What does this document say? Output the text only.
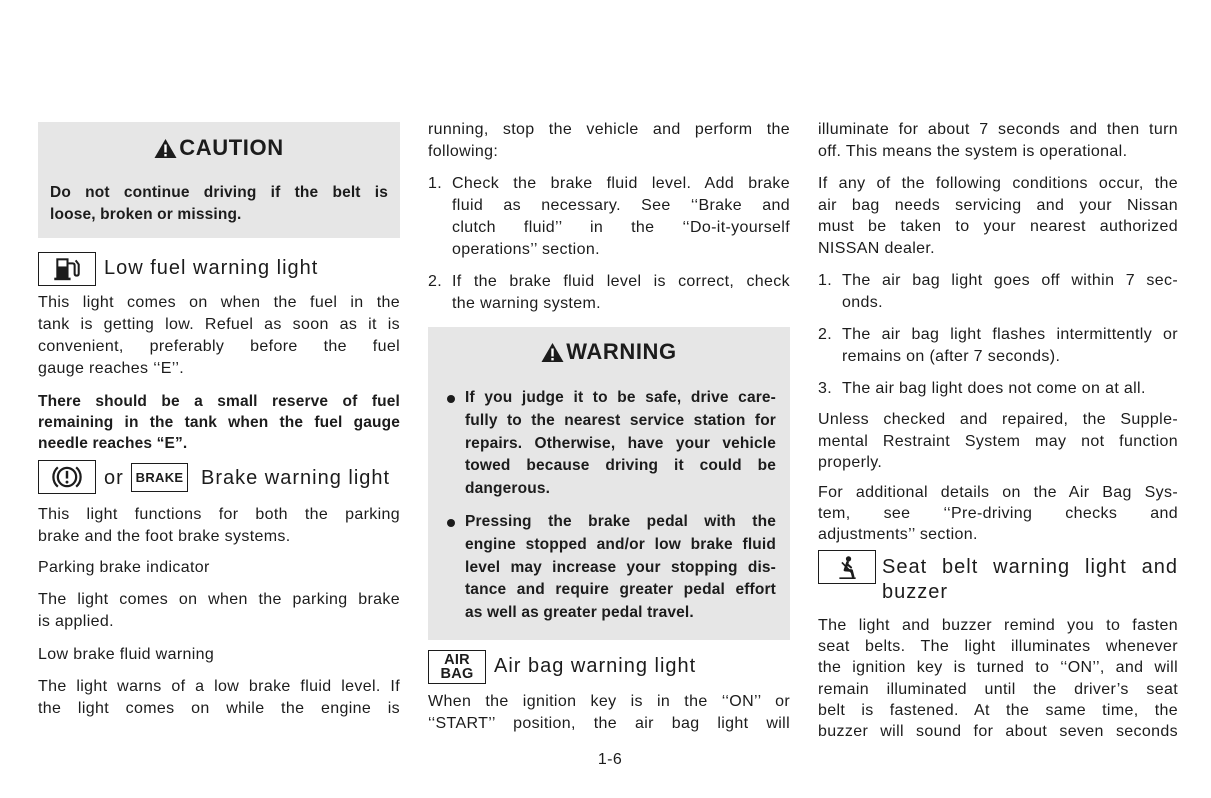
CAUTION
Do not continue driving if the belt is
loose, broken or missing.
Low fuel warning light
This light comes on when the fuel in the
tank is getting low. Refuel as soon as it is
convenient, preferably before the fuel
gauge reaches ‘‘E’’.
There should be a small reserve of fuel
remaining in the tank when the fuel gauge
needle reaches “E”.
or BRAKE Brake warning light
This light functions for both the parking
brake and the foot brake systems.
Parking brake indicator
The light comes on when the parking brake
is applied.
Low brake fluid warning
The light warns of a low brake fluid level. If
the light comes on while the engine is
running, stop the vehicle and perform the
following:
1. Check the brake fluid level. Add brake
fluid as necessary. See ‘‘Brake and
clutch fluid’’ in the ‘‘Do-it-yourself
operations’’ section.
2. If the brake fluid level is correct, check
the warning system.
WARNING
If you judge it to be safe, drive care-
fully to the nearest service station for
repairs. Otherwise, have your vehicle
towed because driving it could be
dangerous.
Pressing the brake pedal with the
engine stopped and/or low brake fluid
level may increase your stopping dis-
tance and require greater pedal effort
as well as greater pedal travel.
AIR
BAG Air bag warning light
When the ignition key is in the ‘‘ON’’ or
‘‘START’’ position, the air bag light will
illuminate for about 7 seconds and then turn
off. This means the system is operational.
If any of the following conditions occur, the
air bag needs servicing and your Nissan
must be taken to your nearest authorized
NISSAN dealer.
1. The air bag light goes off within 7 sec-
onds.
2. The air bag light flashes intermittently or
remains on (after 7 seconds).
3. The air bag light does not come on at all.
Unless checked and repaired, the Supple-
mental Restraint System may not function
properly.
For additional details on the Air Bag Sys-
tem, see ‘‘Pre-driving checks and
adjustments’’ section.
Seat belt warning light and
buzzer
The light and buzzer remind you to fasten
seat belts. The light illuminates whenever
the ignition key is turned to ‘‘ON’’, and will
remain illuminated until the driver’s seat
belt is fastened. At the same time, the
buzzer will sound for about seven seconds
1-6
